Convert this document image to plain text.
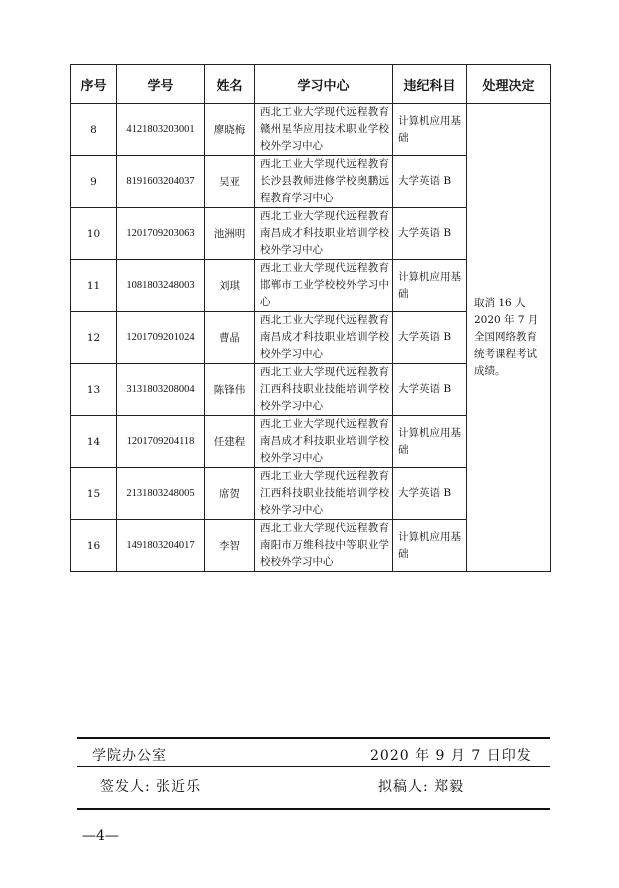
序号	学号	姓名	学习中心	违纪科目	处理决定
8	4121803203001	廖晓梅	西北工业大学现代远程教育赣州星华应用技术职业学校校外学习中心	计算机应用基础	取消 16 人 2020 年 7 月全国网络教育统考课程考试成绩。
9	8191603204037	吴亚	西北工业大学现代远程教育长沙县教师进修学校奥鹏远程教育学习中心	大学英语 B	
10	1201709203063	池洲明	西北工业大学现代远程教育南昌成才科技职业培训学校校外学习中心	大学英语 B	
11	1081803248003	刘琪	西北工业大学现代远程教育邯郸市工业学校校外学习中心	计算机应用基础	
12	1201709201024	曹晶	西北工业大学现代远程教育南昌成才科技职业培训学校校外学习中心	大学英语 B	
13	3131803208004	陈锋伟	西北工业大学现代远程教育江西科技职业技能培训学校校外学习中心	大学英语 B	
14	1201709204118	任建程	西北工业大学现代远程教育南昌成才科技职业培训学校校外学习中心	计算机应用基础	
15	2131803248005	席贺	西北工业大学现代远程教育江西科技职业技能培训学校校外学习中心	大学英语 B	
16	1491803204017	李智	西北工业大学现代远程教育南阳市万维科技中等职业学校校外学习中心	计算机应用基础	
学院办公室	2020 年 9 月 7 日印发
签发人: 张近乐	拟稿人: 郑毅
—4—
